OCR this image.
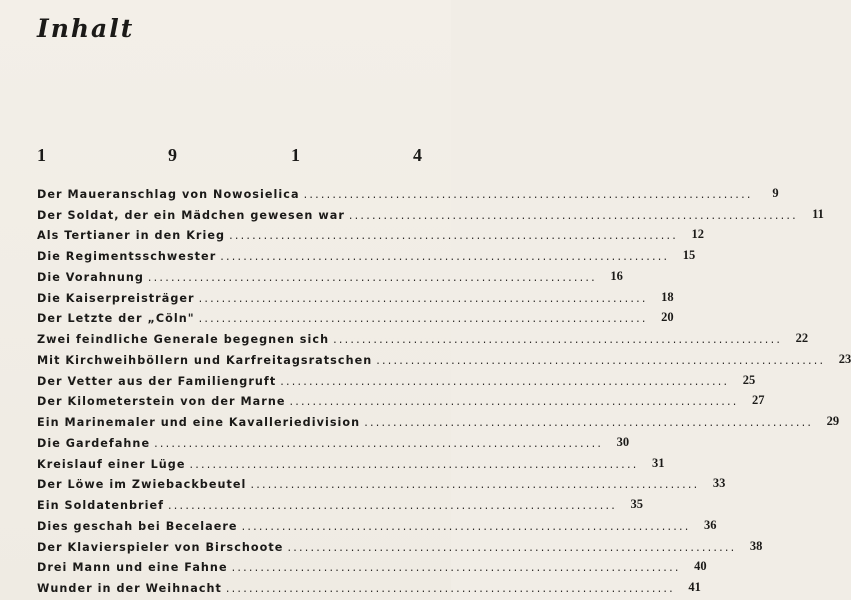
Inhalt
1	9	1	4
Der Maueranschlag von Nowosielica ..............................................................................	9
Der Soldat, der ein Mädchen gewesen war ..............................................................................	11
Als Tertianer in den Krieg ..............................................................................	12
Die Regimentsschwester ..............................................................................	15
Die Vorahnung ..............................................................................	16
Die Kaiserpreisträger ..............................................................................	18
Der Letzte der „Cöln" ..............................................................................	20
Zwei feindliche Generale begegnen sich ..............................................................................	22
Mit Kirchweihböllern und Karfreitagsratschen ..............................................................................	23
Der Vetter aus der Familiengruft ..............................................................................	25
Der Kilometerstein von der Marne ..............................................................................	27
Ein Marinemaler und eine Kavalleriedivision ..............................................................................	29
Die Gardefahne ..............................................................................	30
Kreislauf einer Lüge ..............................................................................	31
Der Löwe im Zwiebackbeutel ..............................................................................	33
Ein Soldatenbrief ..............................................................................	35
Dies geschah bei Becelaere ..............................................................................	36
Der Klavierspieler von Birschoote ..............................................................................	38
Drei Mann und eine Fahne ..............................................................................	40
Wunder in der Weihnacht ..............................................................................	41
